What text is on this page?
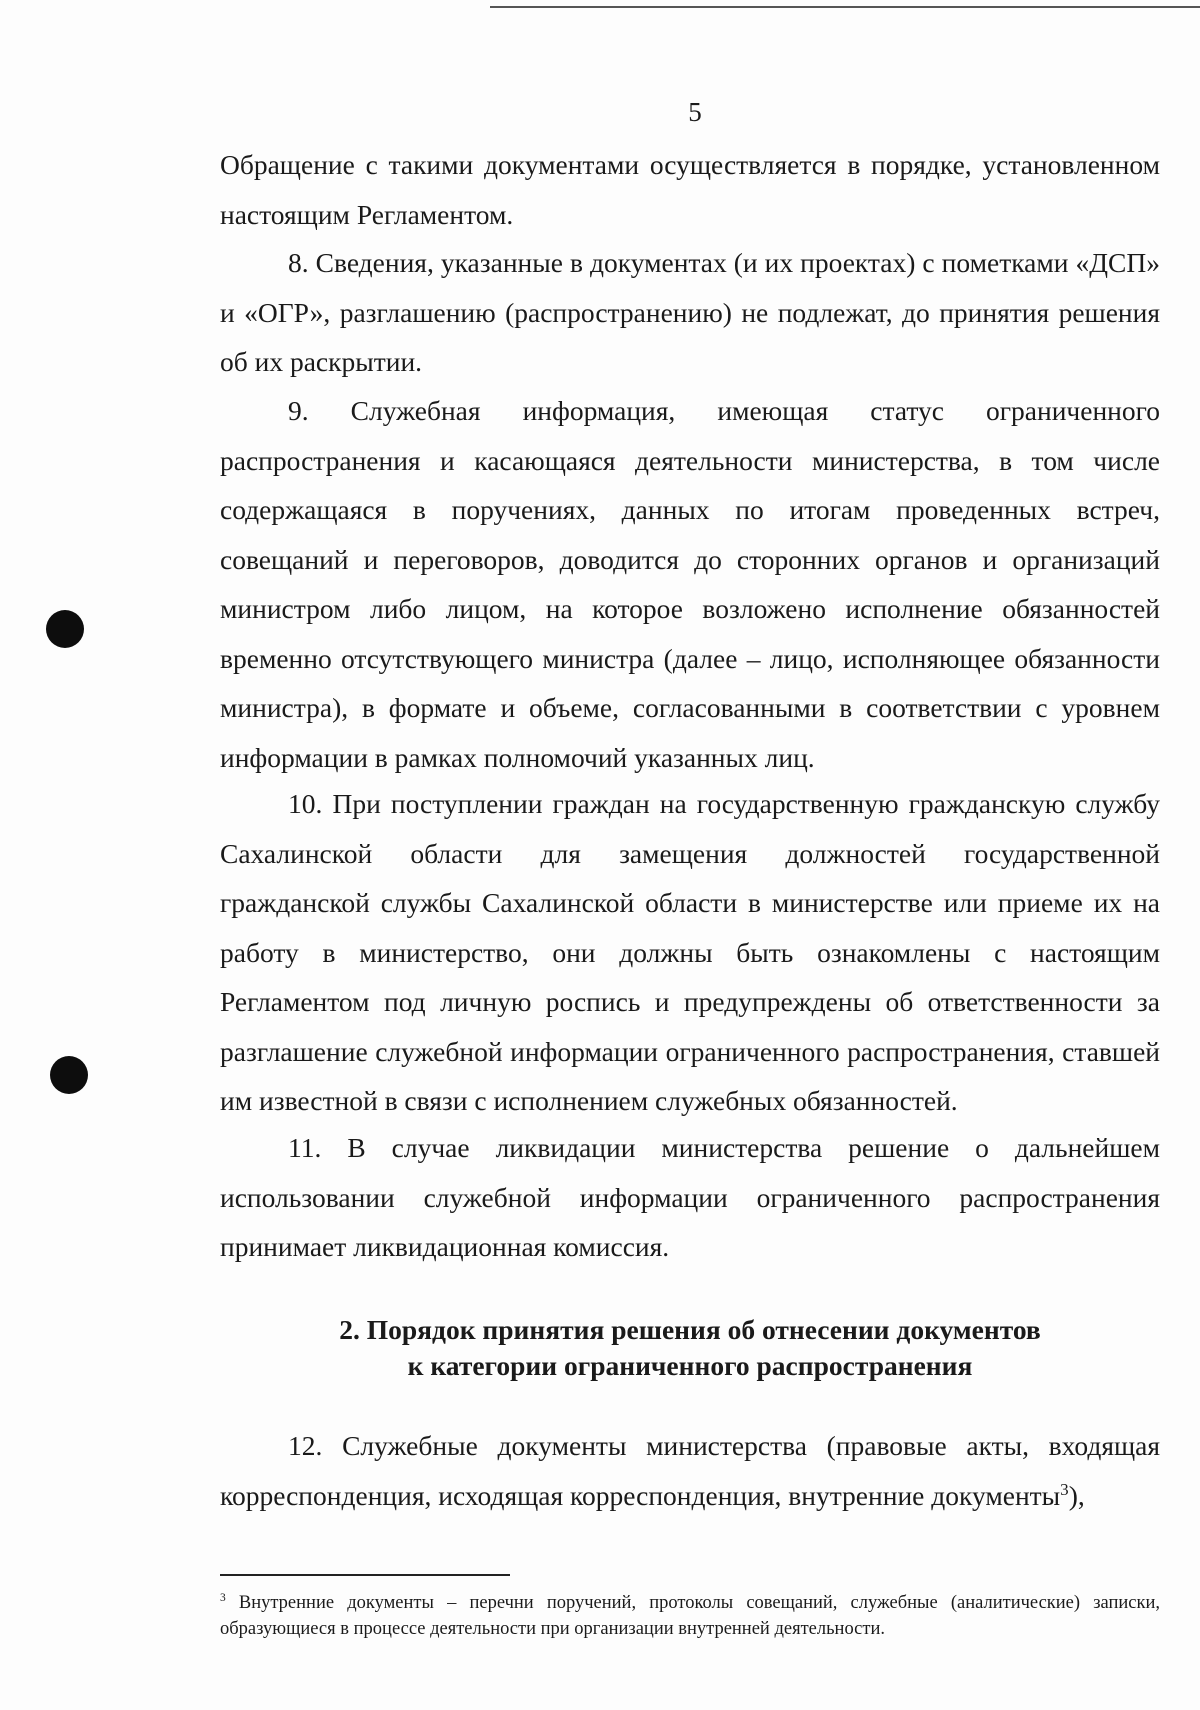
5

Обращение с такими документами осуществляется в порядке, установленном настоящим Регламентом.

8. Сведения, указанные в документах (и их проектах) с пометками «ДСП» и «ОГР», разглашению (распространению) не подлежат, до принятия решения об их раскрытии.

9. Служебная информация, имеющая статус ограниченного распространения и касающаяся деятельности министерства, в том числе содержащаяся в поручениях, данных по итогам проведенных встреч, совещаний и переговоров, доводится до сторонних органов и организаций министром либо лицом, на которое возложено исполнение обязанностей временно отсутствующего министра (далее – лицо, исполняющее обязанности министра), в формате и объеме, согласованными в соответствии с уровнем информации в рамках полномочий указанных лиц.

10. При поступлении граждан на государственную гражданскую службу Сахалинской области для замещения должностей государственной гражданской службы Сахалинской области в министерстве или приеме их на работу в министерство, они должны быть ознакомлены с настоящим Регламентом под личную роспись и предупреждены об ответственности за разглашение служебной информации ограниченного распространения, ставшей им известной в связи с исполнением служебных обязанностей.

11. В случае ликвидации министерства решение о дальнейшем использовании служебной информации ограниченного распространения принимает ликвидационная комиссия.

2. Порядок принятия решения об отнесении документов
к категории ограниченного распространения

12. Служебные документы министерства (правовые акты, входящая корреспонденция, исходящая корреспонденция, внутренние документы$^3$),

$^3$ Внутренние документы – перечни поручений, протоколы совещаний, служебные (аналитические) записки, образующиеся в процессе деятельности при организации внутренней деятельности.
